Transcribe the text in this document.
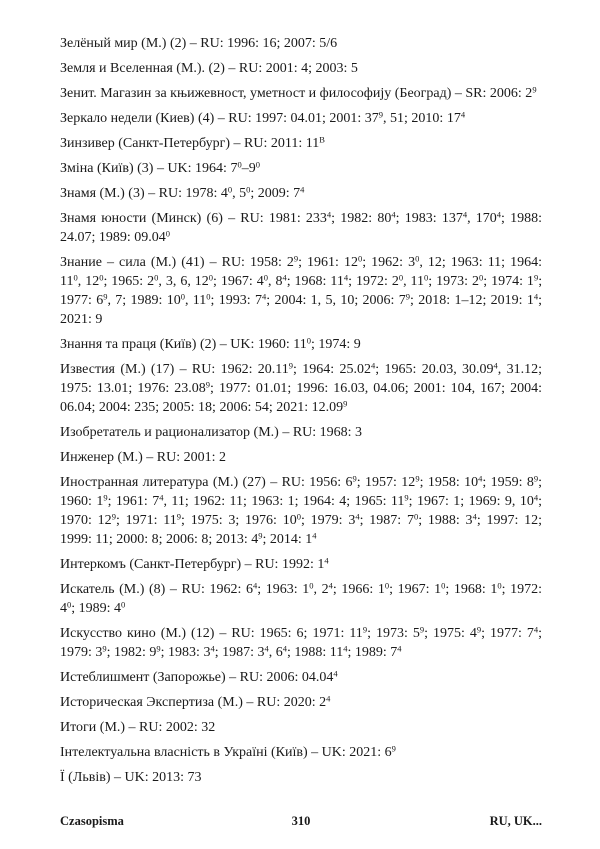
Зелёный мир (М.) (2) – RU: 1996: 16; 2007: 5/6
Земля и Вселенная (М.). (2) – RU: 2001: 4; 2003: 5
Зенит. Магазин за књижевност, уметност и философију (Београд) – SR: 2006: $2^9$
Зеркало недели (Киев) (4) – RU: 1997: 04.01; 2001: $37^9$, 51; 2010: $17^4$
Зинзивер (Санкт-Петербург) – RU: 2011: $11^В$
Зміна (Київ) (3) – UK: 1964: $7^0-9^0$
Знамя (М.) (3) – RU: 1978: $4^0$, $5^0$; 2009: $7^4$
Знамя юности (Минск) (6) – RU: 1981: $233^4$; 1982: $80^4$; 1983: $137^4$, $170^4$; 1988: 24.07; 1989: 09.04$^0$
Знание – сила (М.) (41) – RU: 1958: $2^9$; 1961: $12^0$; 1962: $3^0$, 12; 1963: 11; 1964: $11^0$, $12^0$; 1965: $2^0$, 3, 6, $12^0$; 1967: $4^0$, $8^4$; 1968: $11^4$; 1972: $2^0$, $11^0$; 1973: $2^0$; 1974: $1^9$; 1977: $6^9$, 7; 1989: $10^0$, $11^0$; 1993: $7^4$; 2004: 1, 5, 10; 2006: $7^9$; 2018: 1–12; 2019: $1^4$; 2021: 9
Знання та праця (Київ) (2) – UK: 1960: $11^0$; 1974: 9
Известия (М.) (17) – RU: 1962: 20.11$^9$; 1964: 25.02$^4$; 1965: 20.03, 30.09$^4$, 31.12; 1975: 13.01; 1976: 23.08$^9$; 1977: 01.01; 1996: 16.03, 04.06; 2001: 104, 167; 2004: 06.04; 2004: 235; 2005: 18; 2006: 54; 2021: 12.09$^9$
Изобретатель и рационализатор (М.) – RU: 1968: 3
Инженер (М.) – RU: 2001: 2
Иностранная литература (М.) (27) – RU: 1956: $6^9$; 1957: $12^9$; 1958: $10^4$; 1959: $8^9$; 1960: $1^9$; 1961: $7^4$, 11; 1962: 11; 1963: 1; 1964: 4; 1965: $11^9$; 1967: 1; 1969: 9, $10^4$; 1970: $12^9$; 1971: $11^9$; 1975: 3; 1976: $10^0$; 1979: $3^4$; 1987: $7^0$; 1988: $3^4$; 1997: 12; 1999: 11; 2000: 8; 2006: 8; 2013: $4^9$; 2014: $1^4$
Интеркомъ (Санкт-Петербург) – RU: 1992: $1^4$
Искатель (М.) (8) – RU: 1962: $6^4$; 1963: $1^0$, $2^4$; 1966: $1^0$; 1967: $1^0$; 1968: $1^0$; 1972: $4^0$; 1989: $4^0$
Искусство кино (М.) (12) – RU: 1965: 6; 1971: $11^9$; 1973: $5^9$; 1975: $4^9$; 1977: $7^4$; 1979: $3^9$; 1982: $9^9$; 1983: $3^4$; 1987: $3^4$, $6^4$; 1988: $11^4$; 1989: $7^4$
Истеблишмент (Запорожье) – RU: 2006: 04.04$^4$
Историческая Экспертиза (М.) – RU: 2020: $2^4$
Итоги (М.) – RU: 2002: 32
Інтелектуальна власність в Україні (Київ) – UK: 2021: $6^9$
Ї (Львів) – UK: 2013: 73
Czasopisma	310	RU, UK...
